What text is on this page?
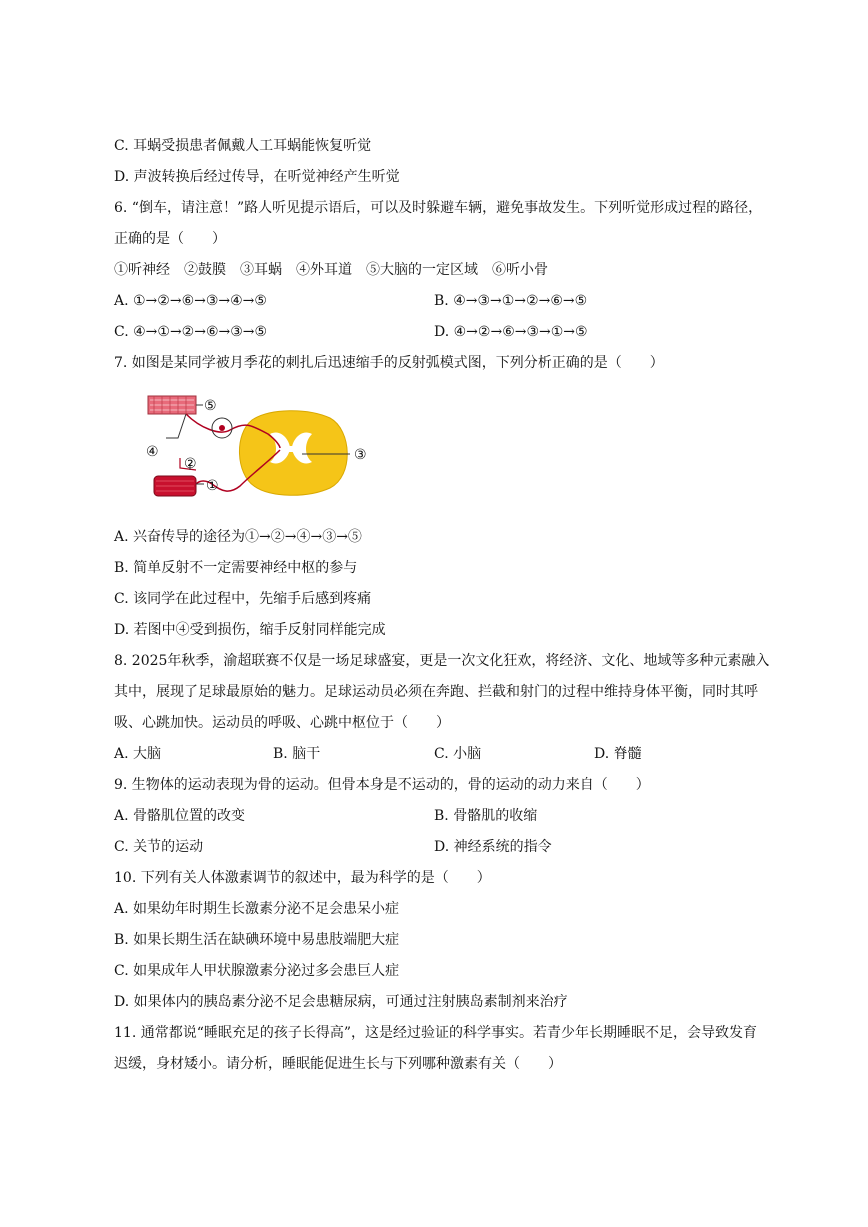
C. 耳蜗受损患者佩戴人工耳蜗能恢复听觉
D. 声波转换后经过传导，在听觉神经产生听觉
6. “倒车，请注意！”路人听见提示语后，可以及时躲避车辆，避免事故发生。下列听觉形成过程的路径，
正确的是（　　）
①听神经　②鼓膜　③耳蜗　④外耳道　⑤大脑的一定区域　⑥听小骨
A. ①→②→⑥→③→④→⑤	B. ④→③→①→②→⑥→⑤
C. ④→①→②→⑥→③→⑤	D. ④→②→⑥→③→①→⑤
7. 如图是某同学被月季花的刺扎后迅速缩手的反射弧模式图，下列分析正确的是（　　）
⑤
④
②
①
③
A. 兴奋传导的途径为①→②→④→③→⑤
B. 简单反射不一定需要神经中枢的参与
C. 该同学在此过程中，先缩手后感到疼痛
D. 若图中④受到损伤，缩手反射同样能完成
8. 2025年秋季，渝超联赛不仅是一场足球盛宴，更是一次文化狂欢，将经济、文化、地域等多种元素融入
其中，展现了足球最原始的魅力。足球运动员必须在奔跑、拦截和射门的过程中维持身体平衡，同时其呼
吸、心跳加快。运动员的呼吸、心跳中枢位于（　　）
A. 大脑	B. 脑干	C. 小脑	D. 脊髓
9. 生物体的运动表现为骨的运动。但骨本身是不运动的，骨的运动的动力来自（　　）
A. 骨骼肌位置的改变	B. 骨骼肌的收缩
C. 关节的运动	D. 神经系统的指令
10. 下列有关人体激素调节的叙述中，最为科学的是（　　）
A. 如果幼年时期生长激素分泌不足会患呆小症
B. 如果长期生活在缺碘环境中易患肢端肥大症
C. 如果成年人甲状腺激素分泌过多会患巨人症
D. 如果体内的胰岛素分泌不足会患糖尿病，可通过注射胰岛素制剂来治疗
11. 通常都说“睡眠充足的孩子长得高”，这是经过验证的科学事实。若青少年长期睡眠不足，会导致发育
迟缓，身材矮小。请分析，睡眠能促进生长与下列哪种激素有关（　　）
